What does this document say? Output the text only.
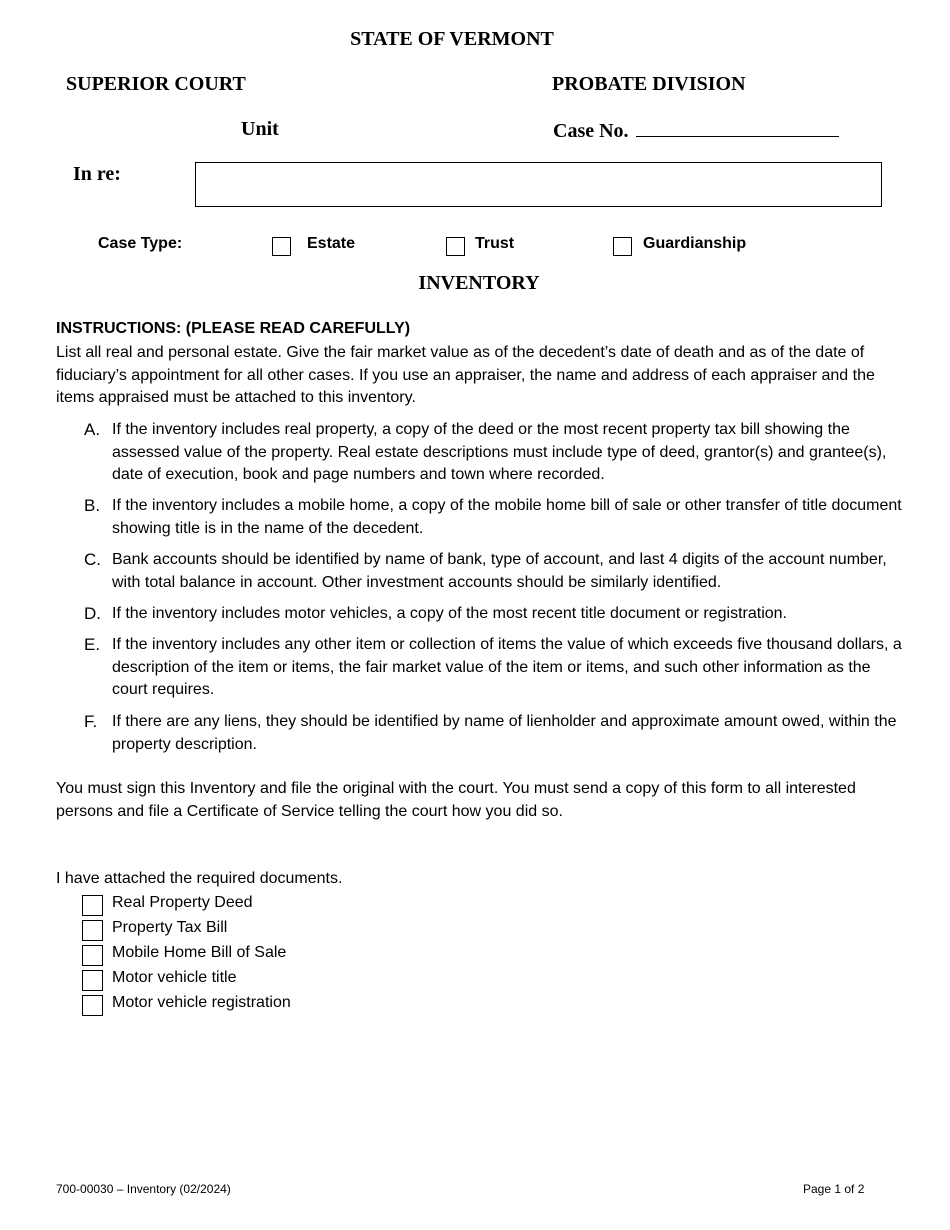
STATE OF VERMONT
SUPERIOR COURT	PROBATE DIVISION
Unit	Case No.
In re:
Case Type:	Estate	Trust	Guardianship
INVENTORY
INSTRUCTIONS: (PLEASE READ CAREFULLY)
List all real and personal estate. Give the fair market value as of the decedent’s date of death and as of the date of fiduciary’s appointment for all other cases. If you use an appraiser, the name and address of each appraiser and the items appraised must be attached to this inventory.
A. If the inventory includes real property, a copy of the deed or the most recent property tax bill showing the assessed value of the property. Real estate descriptions must include type of deed, grantor(s) and grantee(s), date of execution, book and page numbers and town where recorded.
B. If the inventory includes a mobile home, a copy of the mobile home bill of sale or other transfer of title document showing title is in the name of the decedent.
C. Bank accounts should be identified by name of bank, type of account, and last 4 digits of the account number, with total balance in account. Other investment accounts should be similarly identified.
D. If the inventory includes motor vehicles, a copy of the most recent title document or registration.
E. If the inventory includes any other item or collection of items the value of which exceeds five thousand dollars, a description of the item or items, the fair market value of the item or items, and such other information as the court requires.
F. If there are any liens, they should be identified by name of lienholder and approximate amount owed, within the property description.
You must sign this Inventory and file the original with the court. You must send a copy of this form to all interested persons and file a Certificate of Service telling the court how you did so.
I have attached the required documents.
Real Property Deed
Property Tax Bill
Mobile Home Bill of Sale
Motor vehicle title
Motor vehicle registration
700-00030 – Inventory (02/2024)	Page 1 of 2
